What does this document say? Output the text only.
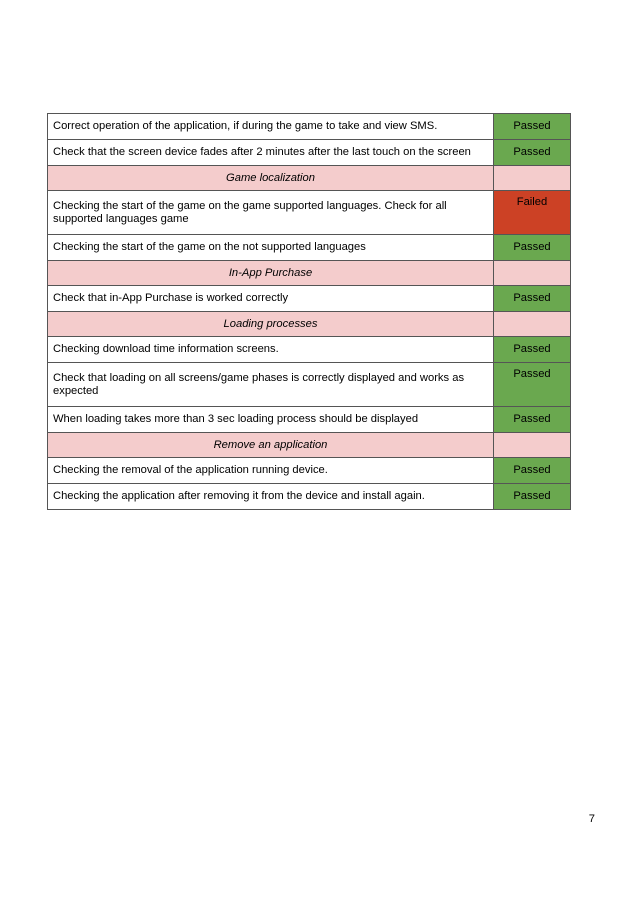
Correct operation of the application, if during the game to take and view SMS.	Passed
Check that the screen device fades after 2 minutes after the last touch on the screen	Passed
Game localization	
Checking the start of the game on the game supported languages. Check for all supported languages game	Failed
Checking the start of the game on the not supported languages	Passed
In-App Purchase	
Check that in-App Purchase is worked correctly	Passed
Loading processes	
Checking download time information screens.	Passed
Check that loading on all screens/game phases is correctly displayed and works as expected	Passed
When loading takes more than 3 sec loading process should be displayed	Passed
Remove an application	
Checking the removal of the application running device.	Passed
Checking the application after removing it from the device and install again.	Passed
7
